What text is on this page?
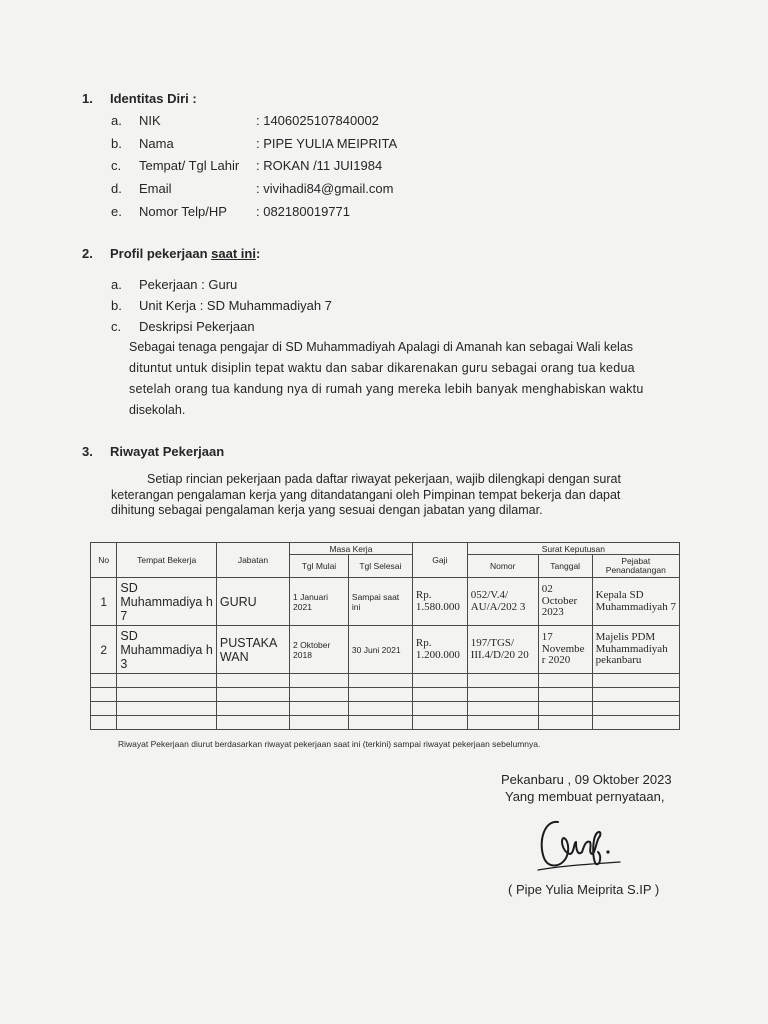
1. Identitas Diri :
a. NIK	: 1406025107840002
b. Nama	: PIPE YULIA MEIPRITA
c. Tempat/ Tgl Lahir : ROKAN /11 JUI1984
d. Email	: vivihadi84@gmail.com
e. Nomor Telp/HP : 082180019771
2. Profil pekerjaan saat ini:
a. Pekerjaan : Guru
b. Unit Kerja : SD Muhammadiyah 7
c. Deskripsi Pekerjaan
Sebagai tenaga pengajar di SD Muhammadiyah Apalagi di Amanah kan sebagai Wali kelas
dituntut untuk disiplin tepat waktu dan sabar dikarenakan guru sebagai orang tua kedua
setelah orang tua kandung nya di rumah yang mereka lebih banyak menghabiskan waktu
disekolah.
3. Riwayat Pekerjaan
Setiap rincian pekerjaan pada daftar riwayat pekerjaan, wajib dilengkapi dengan surat
keterangan pengalaman kerja yang ditandatangani oleh Pimpinan tempat bekerja dan dapat
dihitung sebagai pengalaman kerja yang sesuai dengan jabatan yang dilamar.
No	Tempat Bekerja	Jabatan	Masa Kerja		Gaji	Surat Keputusan		
			Tgl Mulai	Tgl Selesai		Nomor	Tanggal	Pejabat Penandatangan
1	SD Muhammadiya h 7	GURU	1 Januari 2021	Sampai saat ini	Rp. 1.580.000	052/V.4/ AU/A/202 3	02 October 2023	Kepala SD Muhammadiyah 7
2	SD Muhammadiya h 3	PUSTAKA WAN	2 Oktober 2018	30 Juni 2021	Rp. 1.200.000	197/TGS/ III.4/D/20 20	17 Novembe r 2020	Majelis PDM Muhammadiyah pekanbaru

Riwayat Pekerjaan diurut berdasarkan riwayat pekerjaan saat ini (terkini) sampai riwayat pekerjaan sebelumnya.
Pekanbaru , 09 Oktober 2023
Yang membuat pernyataan,
( Pipe Yulia Meiprita S.IP )
